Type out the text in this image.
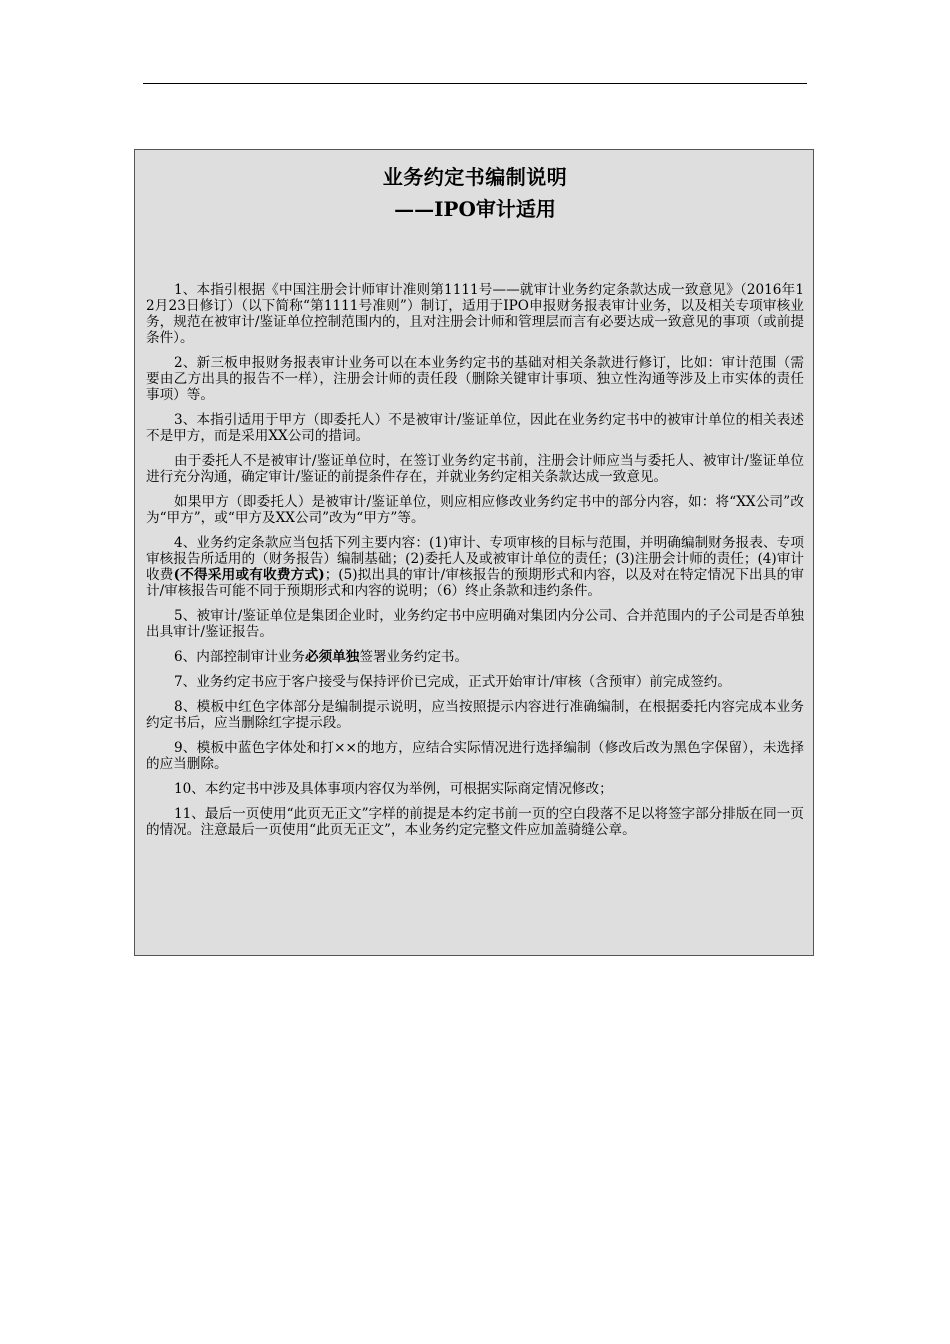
业务约定书编制说明
——IPO审计适用

1、本指引根据《中国注册会计师审计准则第1111号——就审计业务约定条款达成一致意见》（2016年12月23日修订）（以下简称“第1111号准则”）制订，适用于IPO申报财务报表审计业务，以及相关专项审核业务，规范在被审计/鉴证单位控制范围内的，且对注册会计师和管理层而言有必要达成一致意见的事项（或前提条件）。

2、新三板申报财务报表审计业务可以在本业务约定书的基础对相关条款进行修订，比如：审计范围（需要由乙方出具的报告不一样），注册会计师的责任段（删除关键审计事项、独立性沟通等涉及上市实体的责任事项）等。

3、本指引适用于甲方（即委托人）不是被审计/鉴证单位，因此在业务约定书中的被审计单位的相关表述不是甲方，而是采用XX公司的措词。

由于委托人不是被审计/鉴证单位时，在签订业务约定书前，注册会计师应当与委托人、被审计/鉴证单位进行充分沟通，确定审计/鉴证的前提条件存在，并就业务约定相关条款达成一致意见。

如果甲方（即委托人）是被审计/鉴证单位，则应相应修改业务约定书中的部分内容，如：将“XX公司”改为“甲方”，或“甲方及XX公司”改为“甲方”等。

4、业务约定条款应当包括下列主要内容：(1)审计、专项审核的目标与范围，并明确编制财务报表、专项审核报告所适用的（财务报告）编制基础；(2)委托人及或被审计单位的责任；(3)注册会计师的责任；(4)审计收费(不得采用或有收费方式)；(5)拟出具的审计/审核报告的预期形式和内容，以及对在特定情况下出具的审计/审核报告可能不同于预期形式和内容的说明；（6）终止条款和违约条件。

5、被审计/鉴证单位是集团企业时，业务约定书中应明确对集团内分公司、合并范围内的子公司是否单独出具审计/鉴证报告。

6、内部控制审计业务必须单独签署业务约定书。

7、业务约定书应于客户接受与保持评价已完成，正式开始审计/审核（含预审）前完成签约。

8、模板中红色字体部分是编制提示说明，应当按照提示内容进行准确编制，在根据委托内容完成本业务约定书后，应当删除红字提示段。

9、模板中蓝色字体处和打××的地方，应结合实际情况进行选择编制（修改后改为黑色字保留），未选择的应当删除。

10、本约定书中涉及具体事项内容仅为举例，可根据实际商定情况修改；

11、最后一页使用“此页无正文”字样的前提是本约定书前一页的空白段落不足以将签字部分排版在同一页的情况。注意最后一页使用“此页无正文”，本业务约定完整文件应加盖骑缝公章。
